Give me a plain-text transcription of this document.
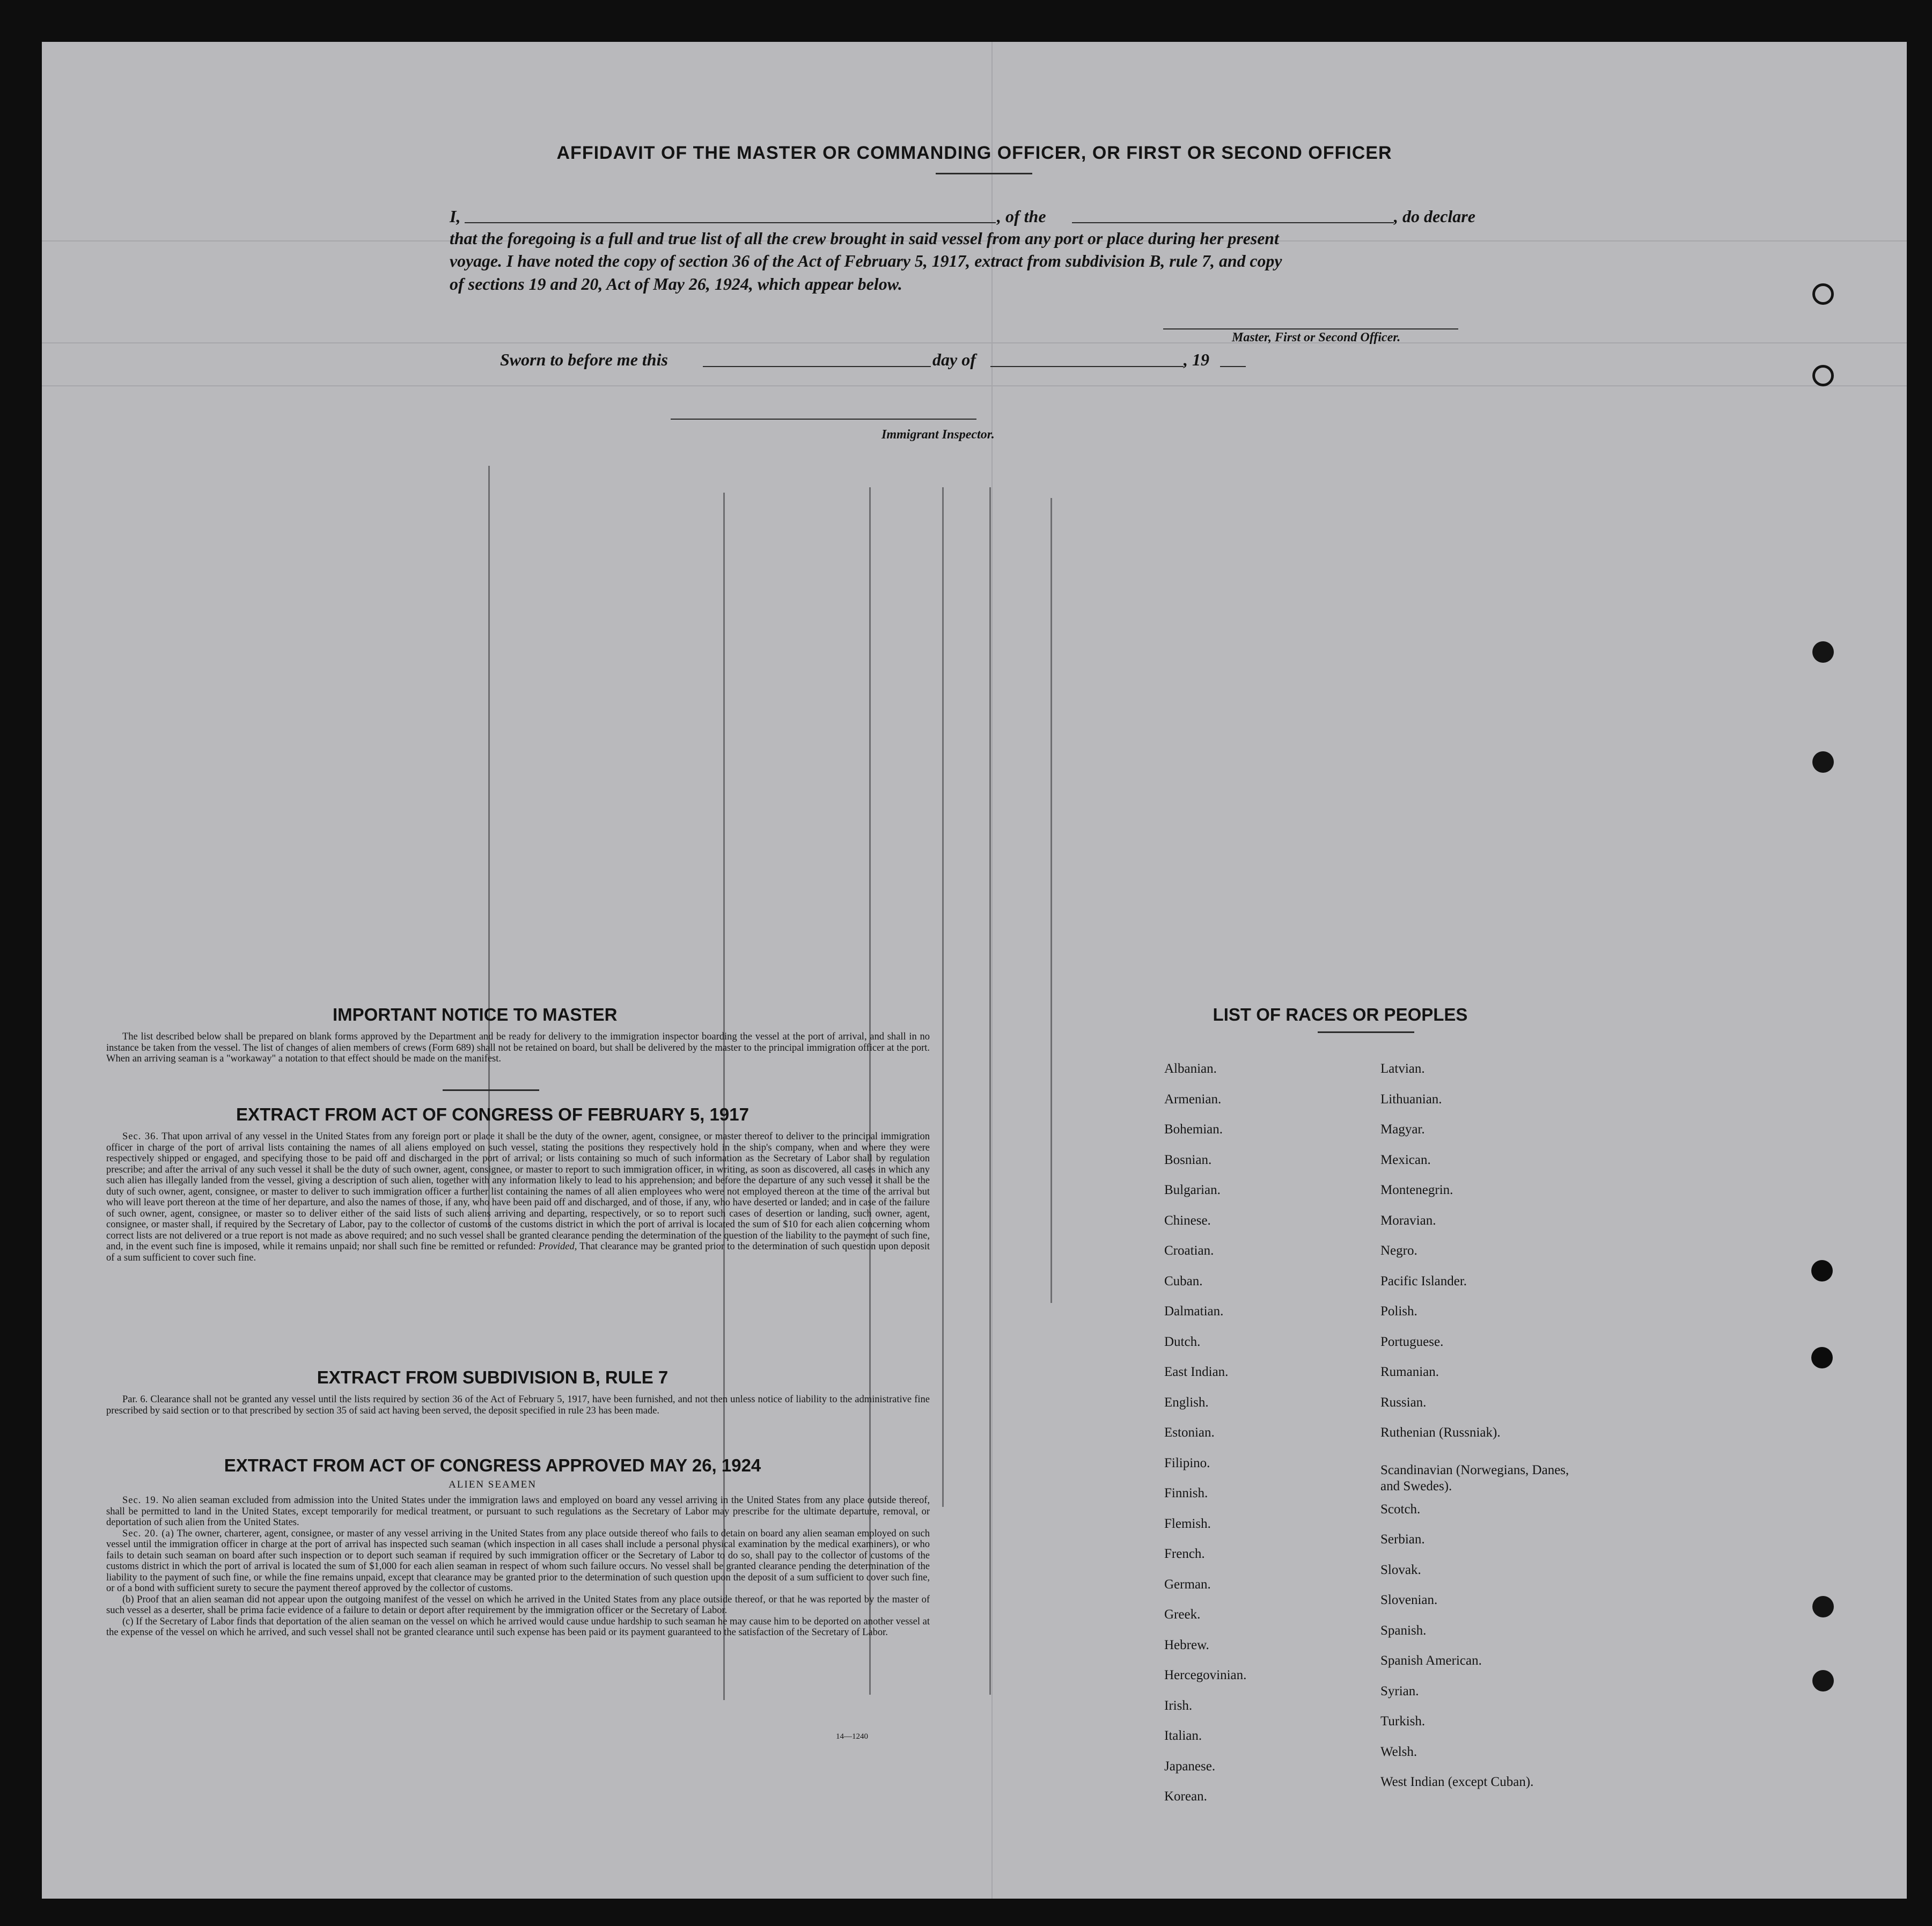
AFFIDAVIT OF THE MASTER OR COMMANDING OFFICER, OR FIRST OR SECOND OFFICER
I,	, of the	, do declare
that the foregoing is a full and true list of all the crew brought in said vessel from any port or place during her present
voyage. I have noted the copy of section 36 of the Act of February 5, 1917, extract from subdivision B, rule 7, and copy
of sections 19 and 20, Act of May 26, 1924, which appear below.
Master, First or Second Officer.
Sworn to before me this	day of	, 19
Immigrant Inspector.
IMPORTANT NOTICE TO MASTER

The list described below shall be prepared on blank forms approved by the Department and be ready for delivery to the immigration inspector boarding the vessel at the port of arrival, and shall in no instance be taken from the vessel. The list of changes of alien members of crews (Form 689) shall not be retained on board, but shall be delivered by the master to the principal immigration officer at the port. When an arriving seaman is a "workaway" a notation to that effect should be made on the manifest.

EXTRACT FROM ACT OF CONGRESS OF FEBRUARY 5, 1917

Sec. 36. That upon arrival of any vessel in the United States from any foreign port or place it shall be the duty of the owner, agent, consignee, or master thereof to deliver to the principal immigration officer in charge of the port of arrival lists containing the names of all aliens employed on such vessel, stating the positions they respectively hold in the ship's company, when and where they were respectively shipped or engaged, and specifying those to be paid off and discharged in the port of arrival; or lists containing so much of such information as the Secretary of Labor shall by regulation prescribe; and after the arrival of any such vessel it shall be the duty of such owner, agent, consignee, or master to report to such immigration officer, in writing, as soon as discovered, all cases in which any such alien has illegally landed from the vessel, giving a description of such alien, together with any information likely to lead to his apprehension; and before the departure of any such vessel it shall be the duty of such owner, agent, consignee, or master to deliver to such immigration officer a further list containing the names of all alien employees who were not employed thereon at the time of the arrival but who will leave port thereon at the time of her departure, and also the names of those, if any, who have been paid off and discharged, and of those, if any, who have deserted or landed; and in case of the failure of such owner, agent, consignee, or master so to deliver either of the said lists of such aliens arriving and departing, respectively, or so to report such cases of desertion or landing, such owner, agent, consignee, or master shall, if required by the Secretary of Labor, pay to the collector of customs of the customs district in which the port of arrival is located the sum of $10 for each alien concerning whom correct lists are not delivered or a true report is not made as above required; and no such vessel shall be granted clearance pending the determination of the question of the liability to the payment of such fine, and, in the event such fine is imposed, while it remains unpaid; nor shall such fine be remitted or refunded: Provided, That clearance may be granted prior to the determination of such question upon deposit of a sum sufficient to cover such fine.

EXTRACT FROM SUBDIVISION B, RULE 7

Par. 6. Clearance shall not be granted any vessel until the lists required by section 36 of the Act of February 5, 1917, have been furnished, and not then unless notice of liability to the administrative fine prescribed by said section or to that prescribed by section 35 of said act having been served, the deposit specified in rule 23 has been made.

EXTRACT FROM ACT OF CONGRESS APPROVED MAY 26, 1924
ALIEN SEAMEN

Sec. 19. No alien seaman excluded from admission into the United States under the immigration laws and employed on board any vessel arriving in the United States from any place outside thereof, shall be permitted to land in the United States, except temporarily for medical treatment, or pursuant to such regulations as the Secretary of Labor may prescribe for the ultimate departure, removal, or deportation of such alien from the United States.

Sec. 20. (a) The owner, charterer, agent, consignee, or master of any vessel arriving in the United States from any place outside thereof who fails to detain on board any alien seaman employed on such vessel until the immigration officer in charge at the port of arrival has inspected such seaman (which inspection in all cases shall include a personal physical examination by the medical examiners), or who fails to detain such seaman on board after such inspection or to deport such seaman if required by such immigration officer or the Secretary of Labor to do so, shall pay to the collector of customs of the customs district in which the port of arrival is located the sum of $1,000 for each alien seaman in respect of whom such failure occurs. No vessel shall be granted clearance pending the determination of the liability to the payment of such fine, or while the fine remains unpaid, except that clearance may be granted prior to the determination of such question upon the deposit of a sum sufficient to cover such fine, or of a bond with sufficient surety to secure the payment thereof approved by the collector of customs.

(b) Proof that an alien seaman did not appear upon the outgoing manifest of the vessel on which he arrived in the United States from any place outside thereof, or that he was reported by the master of such vessel as a deserter, shall be prima facie evidence of a failure to detain or deport after requirement by the immigration officer or the Secretary of Labor.

(c) If the Secretary of Labor finds that deportation of the alien seaman on the vessel on which he arrived would cause undue hardship to such seaman he may cause him to be deported on another vessel at the expense of the vessel on which he arrived, and such vessel shall not be granted clearance until such expense has been paid or its payment guaranteed to the satisfaction of the Secretary of Labor.

14—1240
LIST OF RACES OR PEOPLES
Albanian.
Armenian.
Bohemian.
Bosnian.
Bulgarian.
Chinese.
Croatian.
Cuban.
Dalmatian.
Dutch.
East Indian.
English.
Estonian.
Filipino.
Finnish.
Flemish.
French.
German.
Greek.
Hebrew.
Hercegovinian.
Irish.
Italian.
Japanese.
Korean.
Latvian.
Lithuanian.
Magyar.
Mexican.
Montenegrin.
Moravian.
Negro.
Pacific Islander.
Polish.
Portuguese.
Rumanian.
Russian.
Ruthenian (Russniak).
Scandinavian (Norwegians, Danes, and Swedes).
Scotch.
Serbian.
Slovak.
Slovenian.
Spanish.
Spanish American.
Syrian.
Turkish.
Welsh.
West Indian (except Cuban).
